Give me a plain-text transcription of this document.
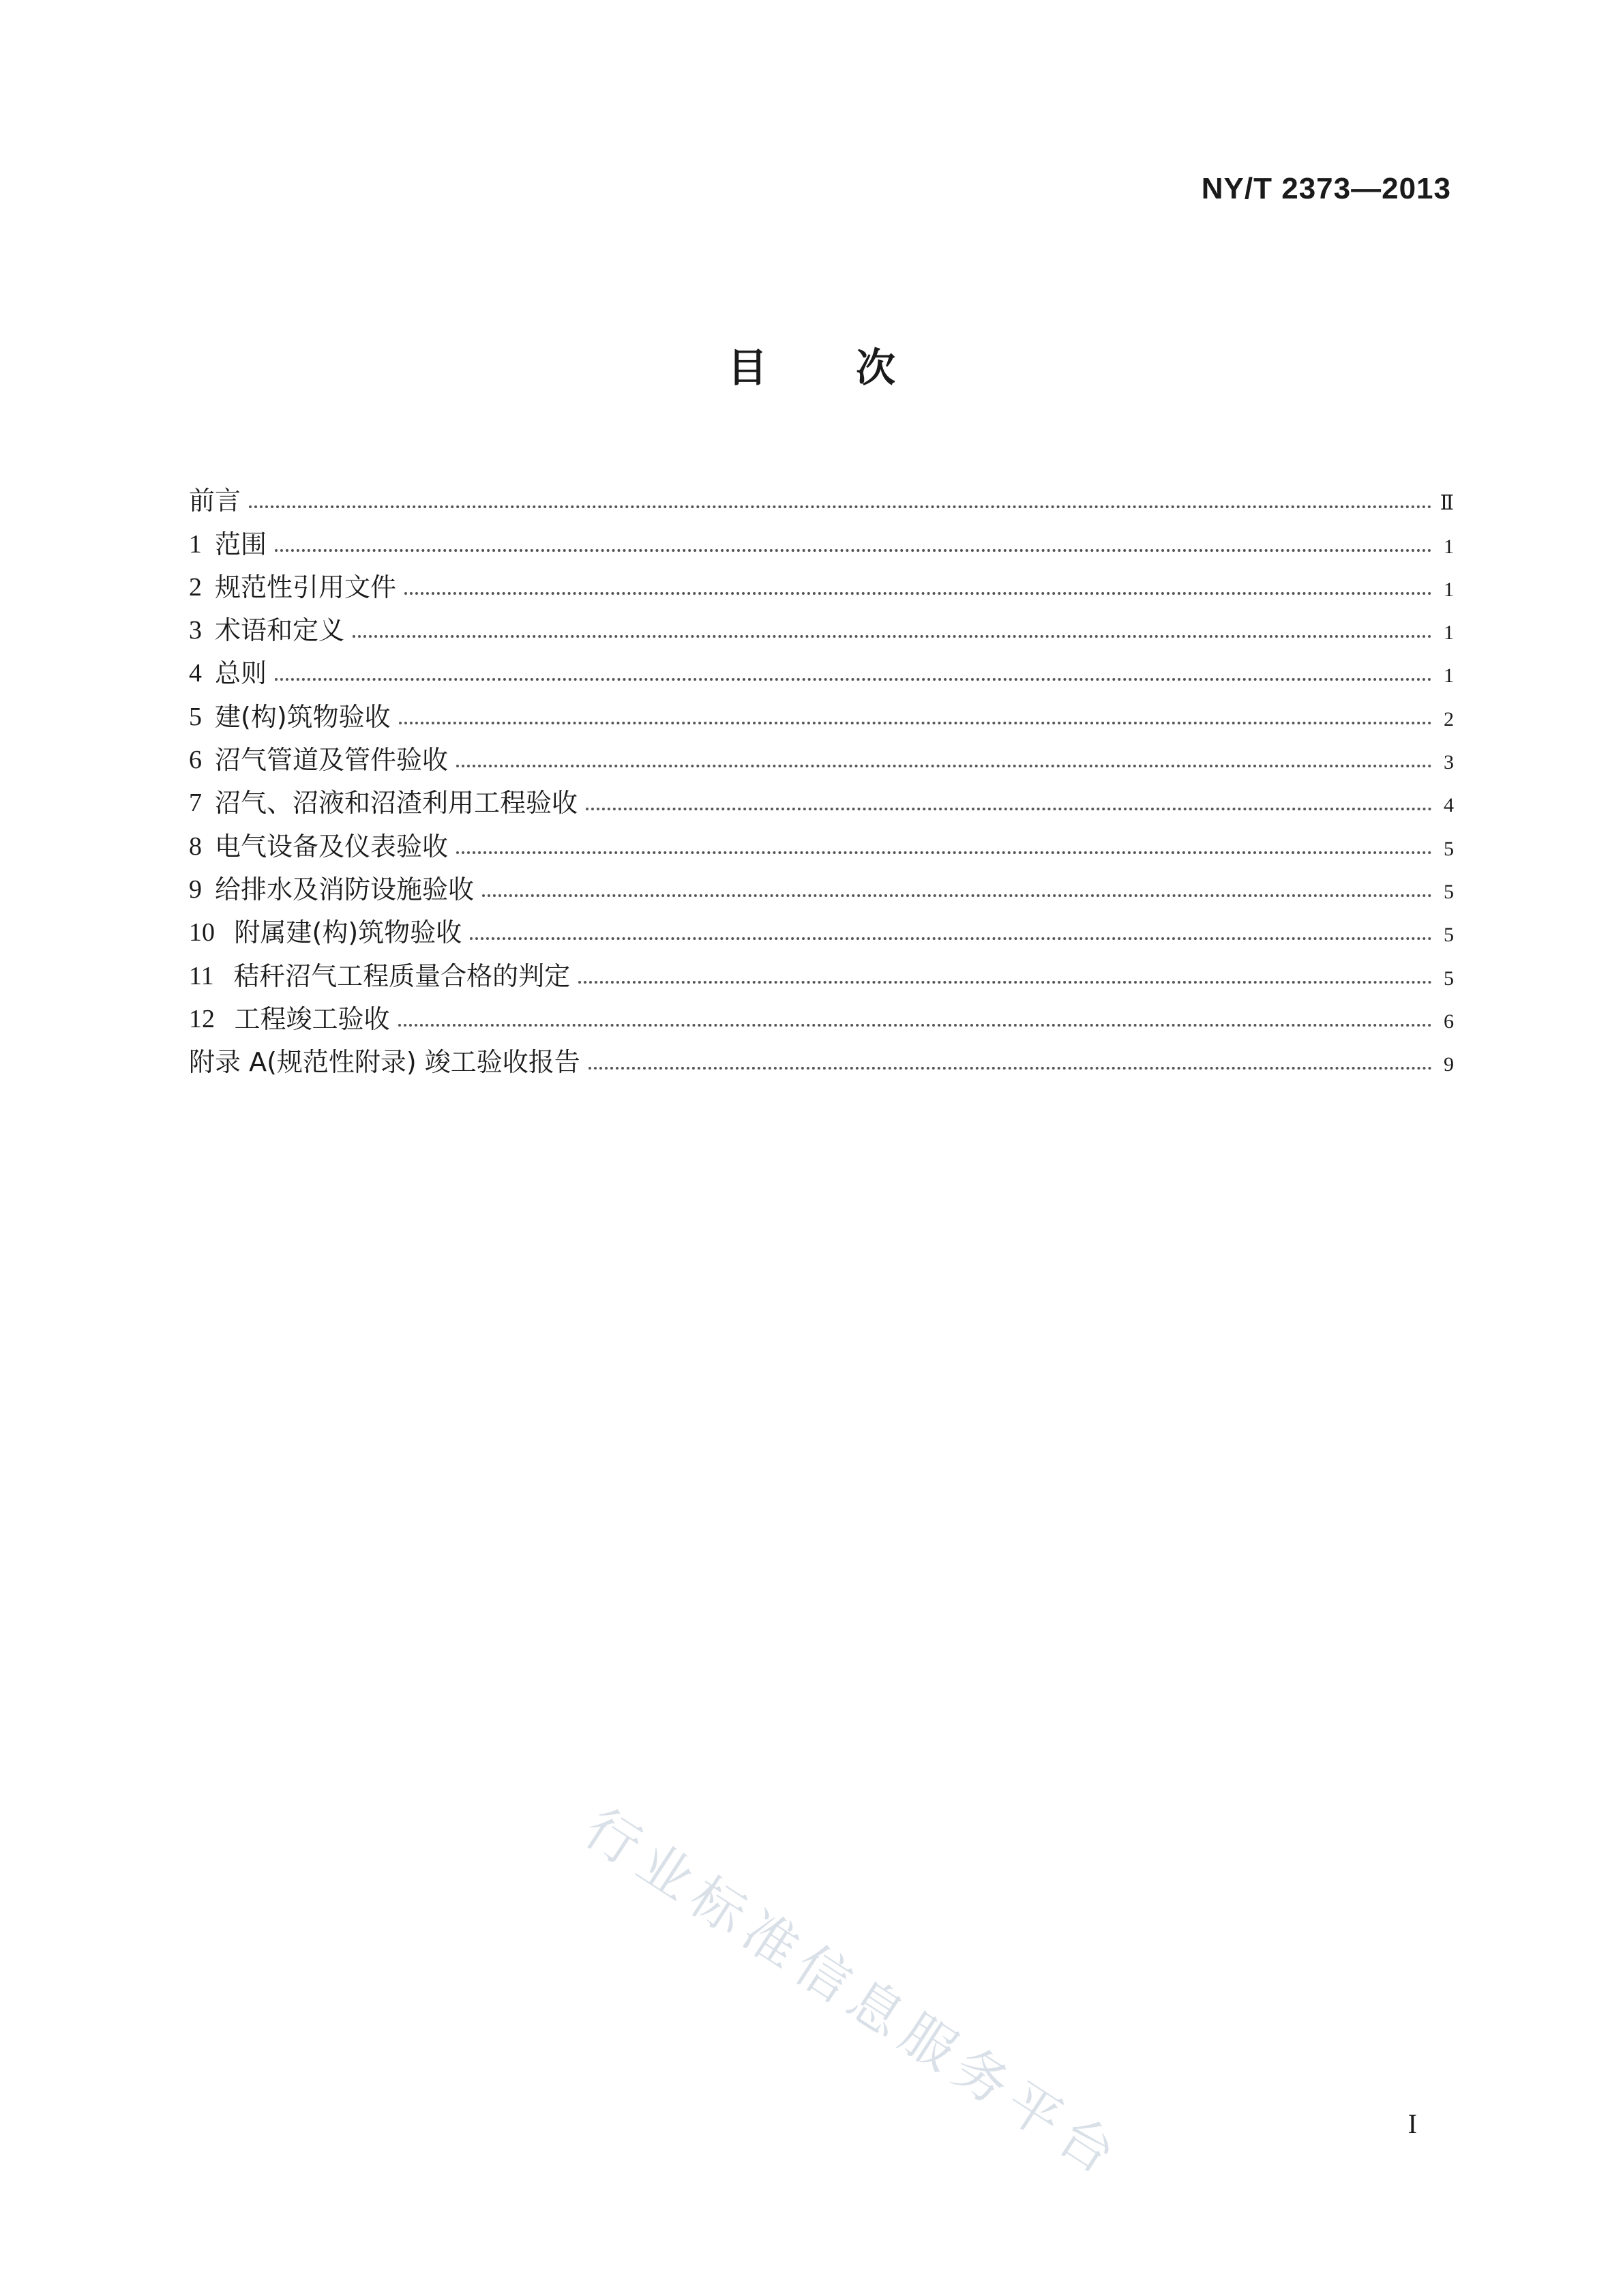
NY/T 2373—2013
目次
前言	Ⅱ
1 范围	1
2 规范性引用文件	1
3 术语和定义	1
4 总则	1
5 建(构)筑物验收	2
6 沼气管道及管件验收	3
7 沼气、沼液和沼渣利用工程验收	4
8 电气设备及仪表验收	5
9 给排水及消防设施验收	5
10 附属建(构)筑物验收	5
11 秸秆沼气工程质量合格的判定	5
12 工程竣工验收	6
附录 A(规范性附录) 竣工验收报告	9
行业标准信息服务平台	I
